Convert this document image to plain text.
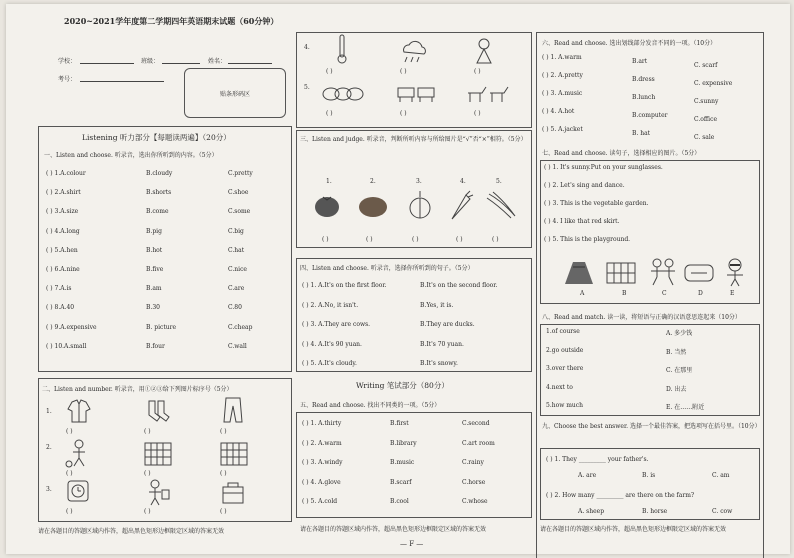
2020~2021学年度第二学期四年英语期末试题（60分钟）
学校：	班级：	姓名：
考号：
贴条形码区
Listening 听力部分【每题读两遍】（20分）
一、Listen and choose. 听录音，选出你所听到的内容。（5分）
二、Listen and number. 听录音，用①②③给下列图片标序号（5分）
1.
2.
3.
( )	( )	( )
( )	( )	( )
( )	( )	( )
请在各题目的答题区域内作答，超出黑色矩形边框限定区域的答案无效
4.
5.
( )	( )	( )
( )	( )	( )
三、Listen and judge. 听录音，判断所听内容与所给图片是“√”否“×”相符。（5分）
四、Listen and choose. 听录音，选择你所听到的句子。（5分）
Writing 笔试部分（80分）
五、Read and choose. 找出不同类的一项。（5分）
请在各题目的答题区域内作答，超出黑色矩形边框限定区域的答案无效
— F —
六、Read and choose. 选出划线部分发音不同的一项。（10分）
七、Read and choose. 读句子，选择相应的图片。（5分）
八、Read and match. 读一读，将短语与正确的汉语意思连起来（10分）
九、Choose the best answer. 选择一个最佳答案，把选项写在括号里。（10分）
( ) 1. They _________ your father's.
A. are	B. is	C. am
( ) 2. How many _________ are there on the farm?
A. sheep	B. horse	C. cow
请在各题目的答题区域内作答，超出黑色矩形边框限定区域的答案无效
( ) 1.A.colour	B.cloudy	C.pretty
( ) 2.A.shirt	B.shorts	C.shoe
( ) 3.A.size	B.come	C.some
( ) 4.A.long	B.pig	C.big
( ) 5.A.hen	B.hot	C.hat
( ) 6.A.nine	B.five	C.nice
( ) 7.A.is	B.am	C.are
( ) 8.A.40	B.30	C.80
( ) 9.A.expensive	B. picture	C.cheap
( ) 10.A.small	B.four	C.wall
1.
( )
2.
( )
3.
( )
4.
( )
5.
( )
( ) 1. A.It's on the first floor.	B.It's on the second floor.
( ) 2. A.No, it isn't.	B.Yes, it is.
( ) 3. A.They are cows.	B.They are ducks.
( ) 4. A.It's 90 yuan.	B.It's 70 yuan.
( ) 5. A.It's cloudy.	B.It's snowy.
( ) 1. A.thirty	B.first	C.second
( ) 2. A.warm	B.library	C.art room
( ) 3. A.windy	B.music	C.rainy
( ) 4. A.glove	B.scarf	C.horse
( ) 5. A.cold	B.cool	C.whose
( ) 1. A.warm
B.art
C. scarf
( ) 2. A.pretty
B.dress
C. expensive
( ) 3. A.music
B.lunch
C.sunny
( ) 4. A.hot
B.computer
C.office
( ) 5. A.jacket
B. hat
C. sale
( ) 1. It's sunny.Put on your sunglasses.
( ) 2. Let's sing and dance.
( ) 3. This is the vegetable garden.
( ) 4. I like that red skirt.
( ) 5. This is the playground.
A	B	C	D	E
1.of course	A. 多少钱
2.go outside	B. 当然
3.over there	C. 在那里
4.next to	D. 出去
5.how much	E. 在……附近
